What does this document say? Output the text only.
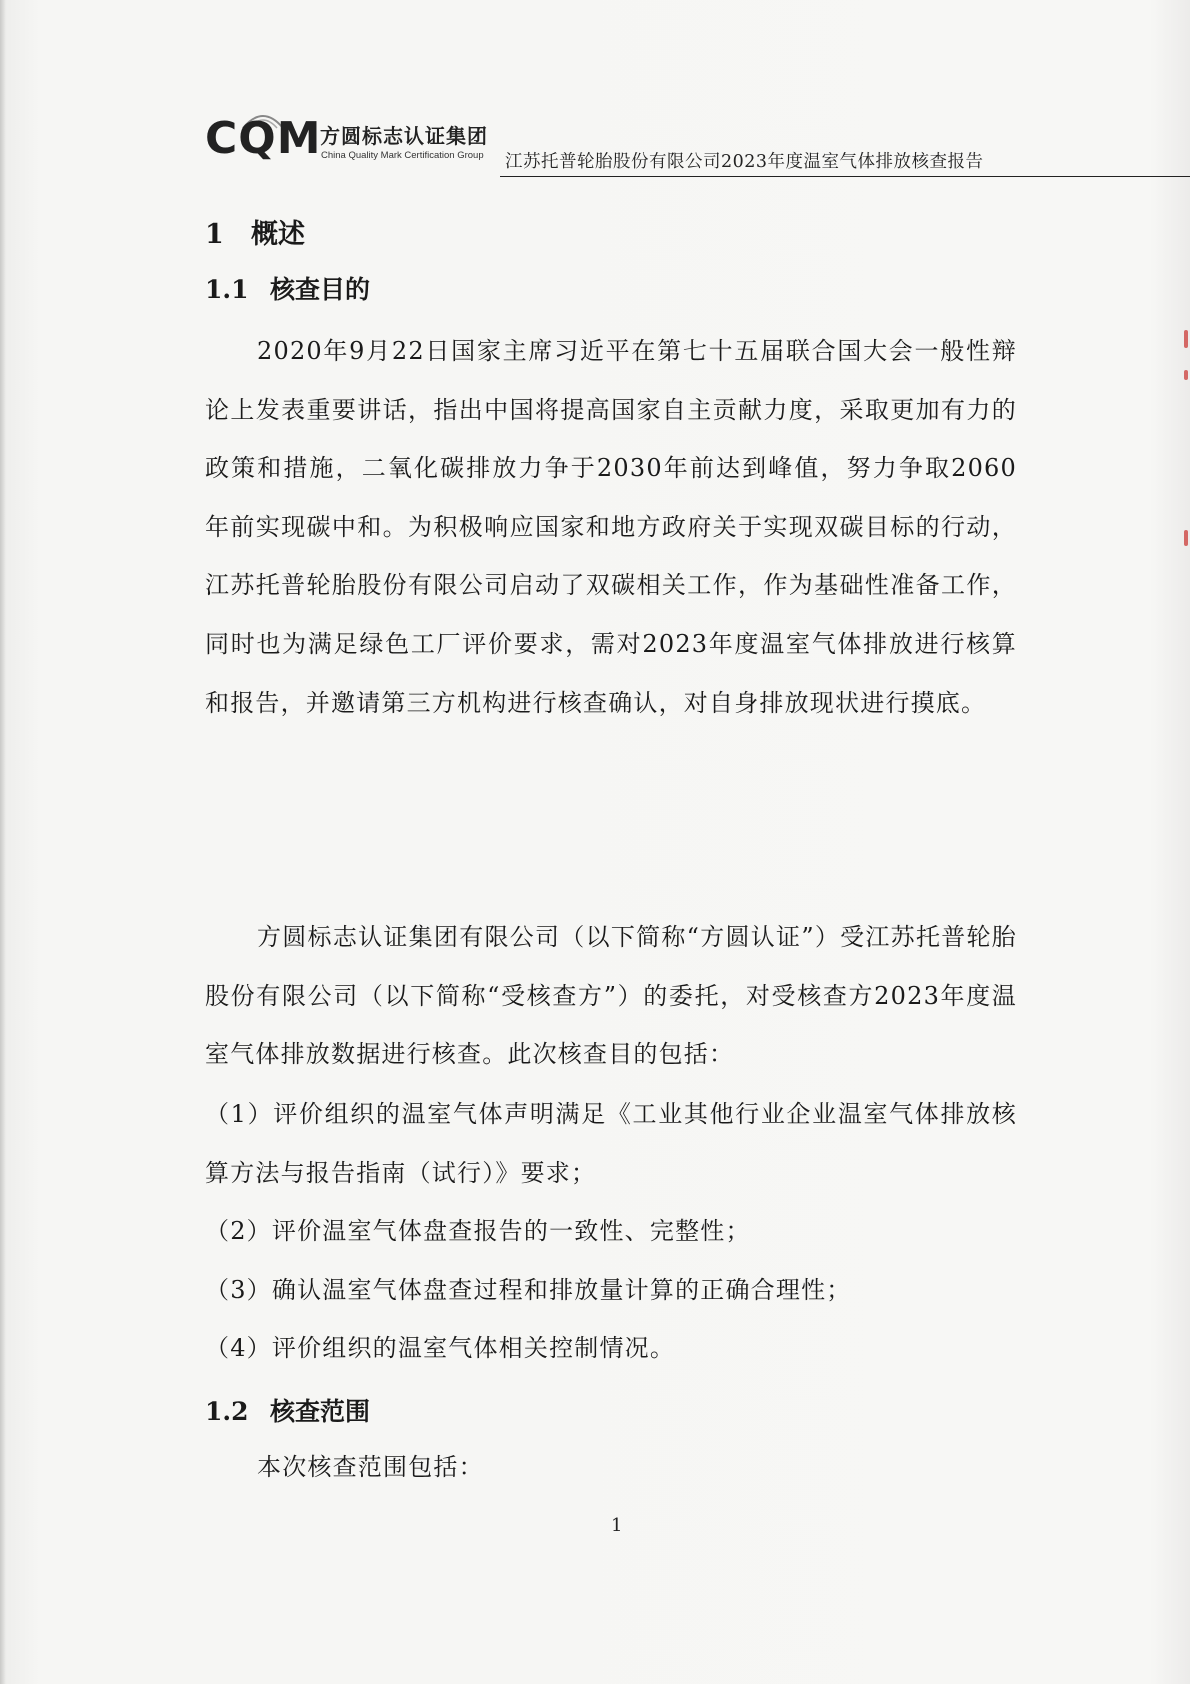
CQM
方圆标志认证集团
China Quality Mark Certification Group 江苏托普轮胎股份有限公司2023年度温室气体排放核查报告
1 概述
1.1 核查目的
2020年9月22日国家主席习近平在第七十五届联合国大会一般性辩论上发表重要讲话，指出中国将提高国家自主贡献力度，采取更加有力的政策和措施，二氧化碳排放力争于2030年前达到峰值，努力争取2060年前实现碳中和。为积极响应国家和地方政府关于实现双碳目标的行动，江苏托普轮胎股份有限公司启动了双碳相关工作，作为基础性准备工作，同时也为满足绿色工厂评价要求，需对2023年度温室气体排放进行核算和报告，并邀请第三方机构进行核查确认，对自身排放现状进行摸底。
方圆标志认证集团有限公司（以下简称“方圆认证”）受江苏托普轮胎股份有限公司（以下简称“受核查方”）的委托，对受核查方2023年度温室气体排放数据进行核查。此次核查目的包括：
（1）评价组织的温室气体声明满足《工业其他行业企业温室气体排放核算方法与报告指南（试行）》要求；
（2）评价温室气体盘查报告的一致性、完整性；
（3）确认温室气体盘查过程和排放量计算的正确合理性；
（4）评价组织的温室气体相关控制情况。
1.2 核查范围
本次核查范围包括：
1
